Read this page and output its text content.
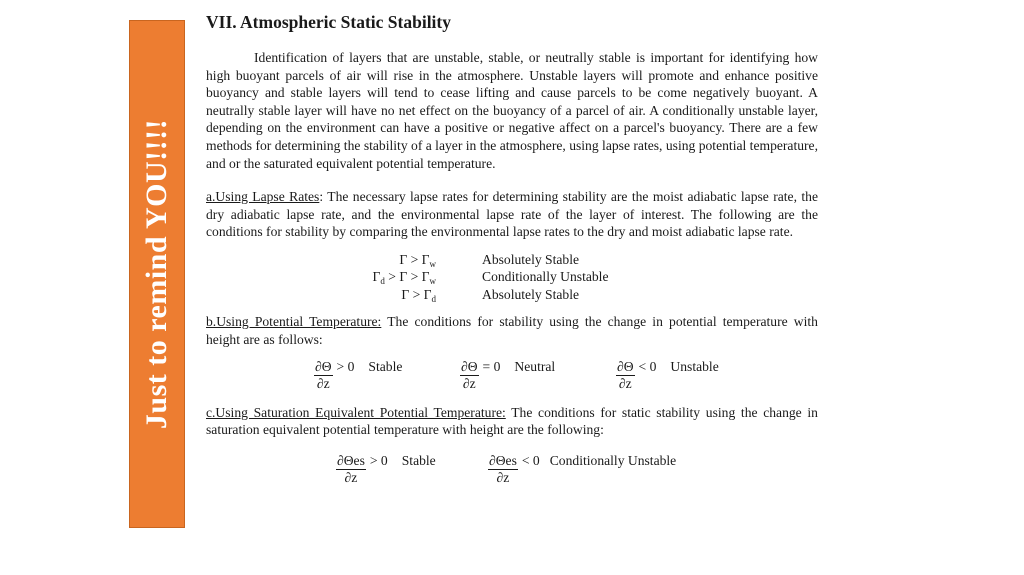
Just to remind YOU!!!!
VII. Atmospheric Static Stability

Identification of layers that are unstable, stable, or neutrally stable is important for identifying how high buoyant parcels of air will rise in the atmosphere. Unstable layers will promote and enhance positive buoyancy and stable layers will tend to cease lifting and cause parcels to be come negatively buoyant. A neutrally stable layer will have no net effect on the buoyancy of a parcel of air. A conditionally unstable layer, depending on the environment can have a positive or negative affect on a parcel's buoyancy. There are a few methods for determining the stability of a layer in the atmosphere, using lapse rates, using potential temperature, and or the saturated equivalent potential temperature.

a.Using Lapse Rates: The necessary lapse rates for determining stability are the moist adiabatic lapse rate, the dry adiabatic lapse rate, and the environmental lapse rate of the layer of interest. The following are the conditions for stability by comparing the environmental lapse rates to the dry and moist adiabatic lapse rate.

$\Gamma > \Gamma_w$	Absolutely Stable
$\Gamma_d > \Gamma > \Gamma_w$	Conditionally Unstable
$\Gamma > \Gamma_d$	Absolutely Stable

b.Using Potential Temperature: The conditions for stability using the change in potential temperature with height are as follows:

$\frac{\partial\Theta}{\partial z} > 0$ Stable	$\frac{\partial\Theta}{\partial z} = 0$ Neutral	$\frac{\partial\Theta}{\partial z} < 0$ Unstable

c.Using Saturation Equivalent Potential Temperature: The conditions for static stability using the change in saturation equivalent potential temperature with height are the following:

$\frac{\text{∂Θes}}{\partial z} > 0$ Stable	$\frac{\text{∂Θes}}{\partial z} < 0$ Conditionally Unstable
